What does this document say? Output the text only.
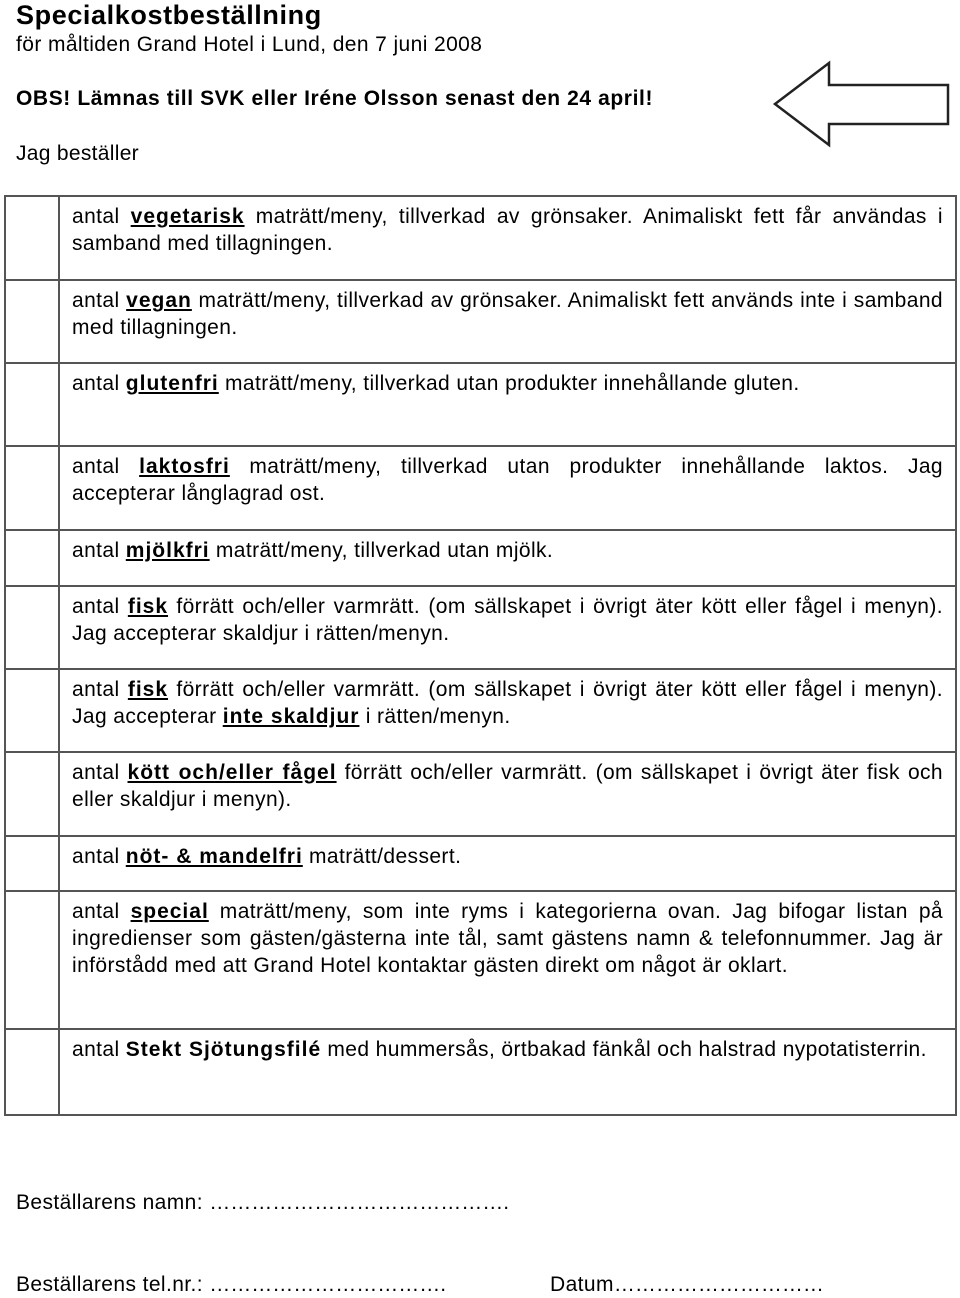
Specialkostbeställning
för måltiden Grand Hotel i Lund, den 7 juni 2008
OBS! Lämnas till SVK eller Iréne Olsson senast den 24 april!
Jag beställer
	antal vegetarisk maträtt/meny, tillverkad av grönsaker. Animaliskt fett får användas i samband med tillagningen.
	antal vegan maträtt/meny, tillverkad av grönsaker. Animaliskt fett används inte i samband med tillagningen.
	antal glutenfri maträtt/meny, tillverkad utan produkter innehållande gluten.
	antal laktosfri maträtt/meny, tillverkad utan produkter innehållande laktos. Jag accepterar långlagrad ost.
	antal mjölkfri maträtt/meny, tillverkad utan mjölk.
	antal fisk förrätt och/eller varmrätt. (om sällskapet i övrigt äter kött eller fågel i menyn). Jag accepterar skaldjur i rätten/menyn.
	antal fisk förrätt och/eller varmrätt. (om sällskapet i övrigt äter kött eller fågel i menyn). Jag accepterar inte skaldjur i rätten/menyn.
	antal kött och/eller fågel förrätt och/eller varmrätt. (om sällskapet i övrigt äter fisk och eller skaldjur i menyn).
	antal nöt- & mandelfri maträtt/dessert.
	antal special maträtt/meny, som inte ryms i kategorierna ovan. Jag bifogar listan på ingredienser som gästen/gästerna inte tål, samt gästens namn & telefonnummer. Jag är införstådd med att Grand Hotel kontaktar gästen direkt om något är oklart.
	antal Stekt Sjötungsfilé med hummersås, örtbakad fänkål och halstrad nypotatisterrin.
Beställarens namn: …………………………………….
Beställarens tel.nr.: …………………………….	Datum…………………………
